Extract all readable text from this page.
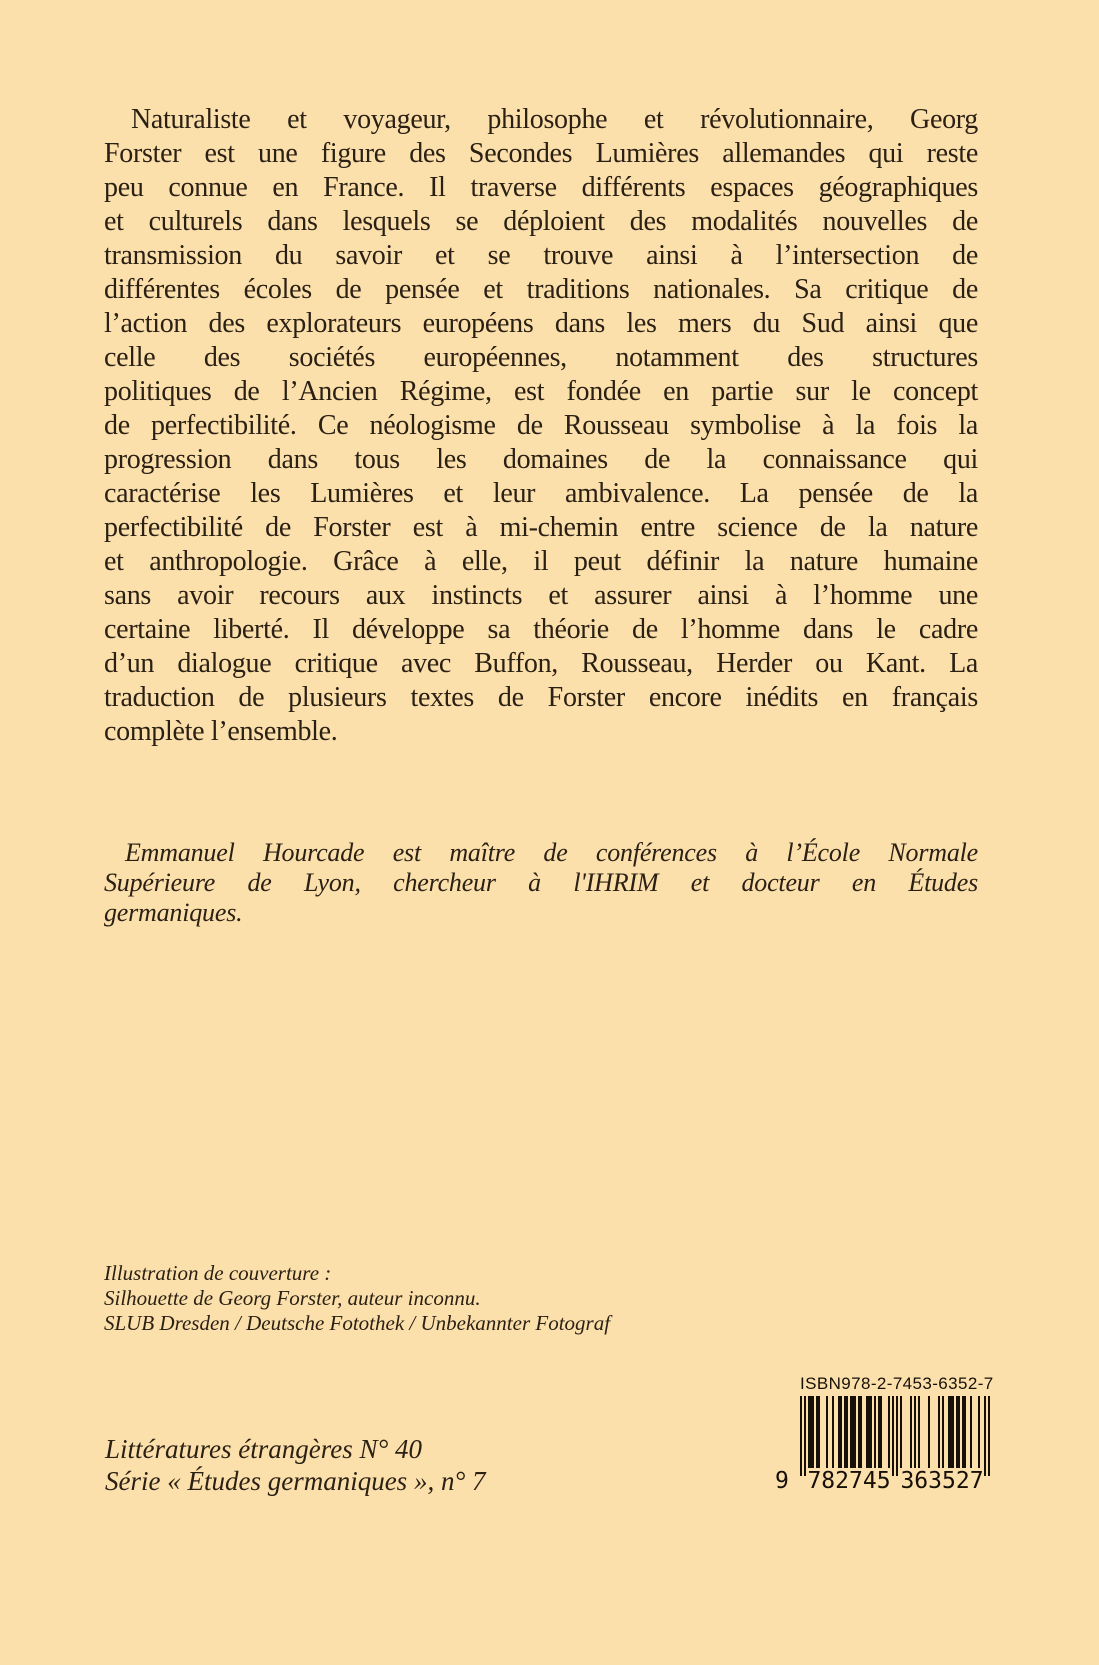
Naturaliste et voyageur, philosophe et révolutionnaire, Georg
Forster est une figure des Secondes Lumières allemandes qui reste
peu connue en France. Il traverse différents espaces géographiques
et culturels dans lesquels se déploient des modalités nouvelles de
transmission du savoir et se trouve ainsi à l’intersection de
différentes écoles de pensée et traditions nationales. Sa critique de
l’action des explorateurs européens dans les mers du Sud ainsi que
celle des sociétés européennes, notamment des structures
politiques de l’Ancien Régime, est fondée en partie sur le concept
de perfectibilité. Ce néologisme de Rousseau symbolise à la fois la
progression dans tous les domaines de la connaissance qui
caractérise les Lumières et leur ambivalence. La pensée de la
perfectibilité de Forster est à mi-chemin entre science de la nature
et anthropologie. Grâce à elle, il peut définir la nature humaine
sans avoir recours aux instincts et assurer ainsi à l’homme une
certaine liberté. Il développe sa théorie de l’homme dans le cadre
d’un dialogue critique avec Buffon, Rousseau, Herder ou Kant. La
traduction de plusieurs textes de Forster encore inédits en français
complète l’ensemble.
Emmanuel Hourcade est maître de conférences à l’École Normale
Supérieure de Lyon, chercheur à l'IHRIM et docteur en Études
germaniques.
Illustration de couverture :
Silhouette de Georg Forster, auteur inconnu.
SLUB Dresden / Deutsche Fotothek / Unbekannter Fotograf
Littératures étrangères N° 40
Série « Études germaniques », n° 7
ISBN 978-2-7453-6352-7
9 782745 363527
